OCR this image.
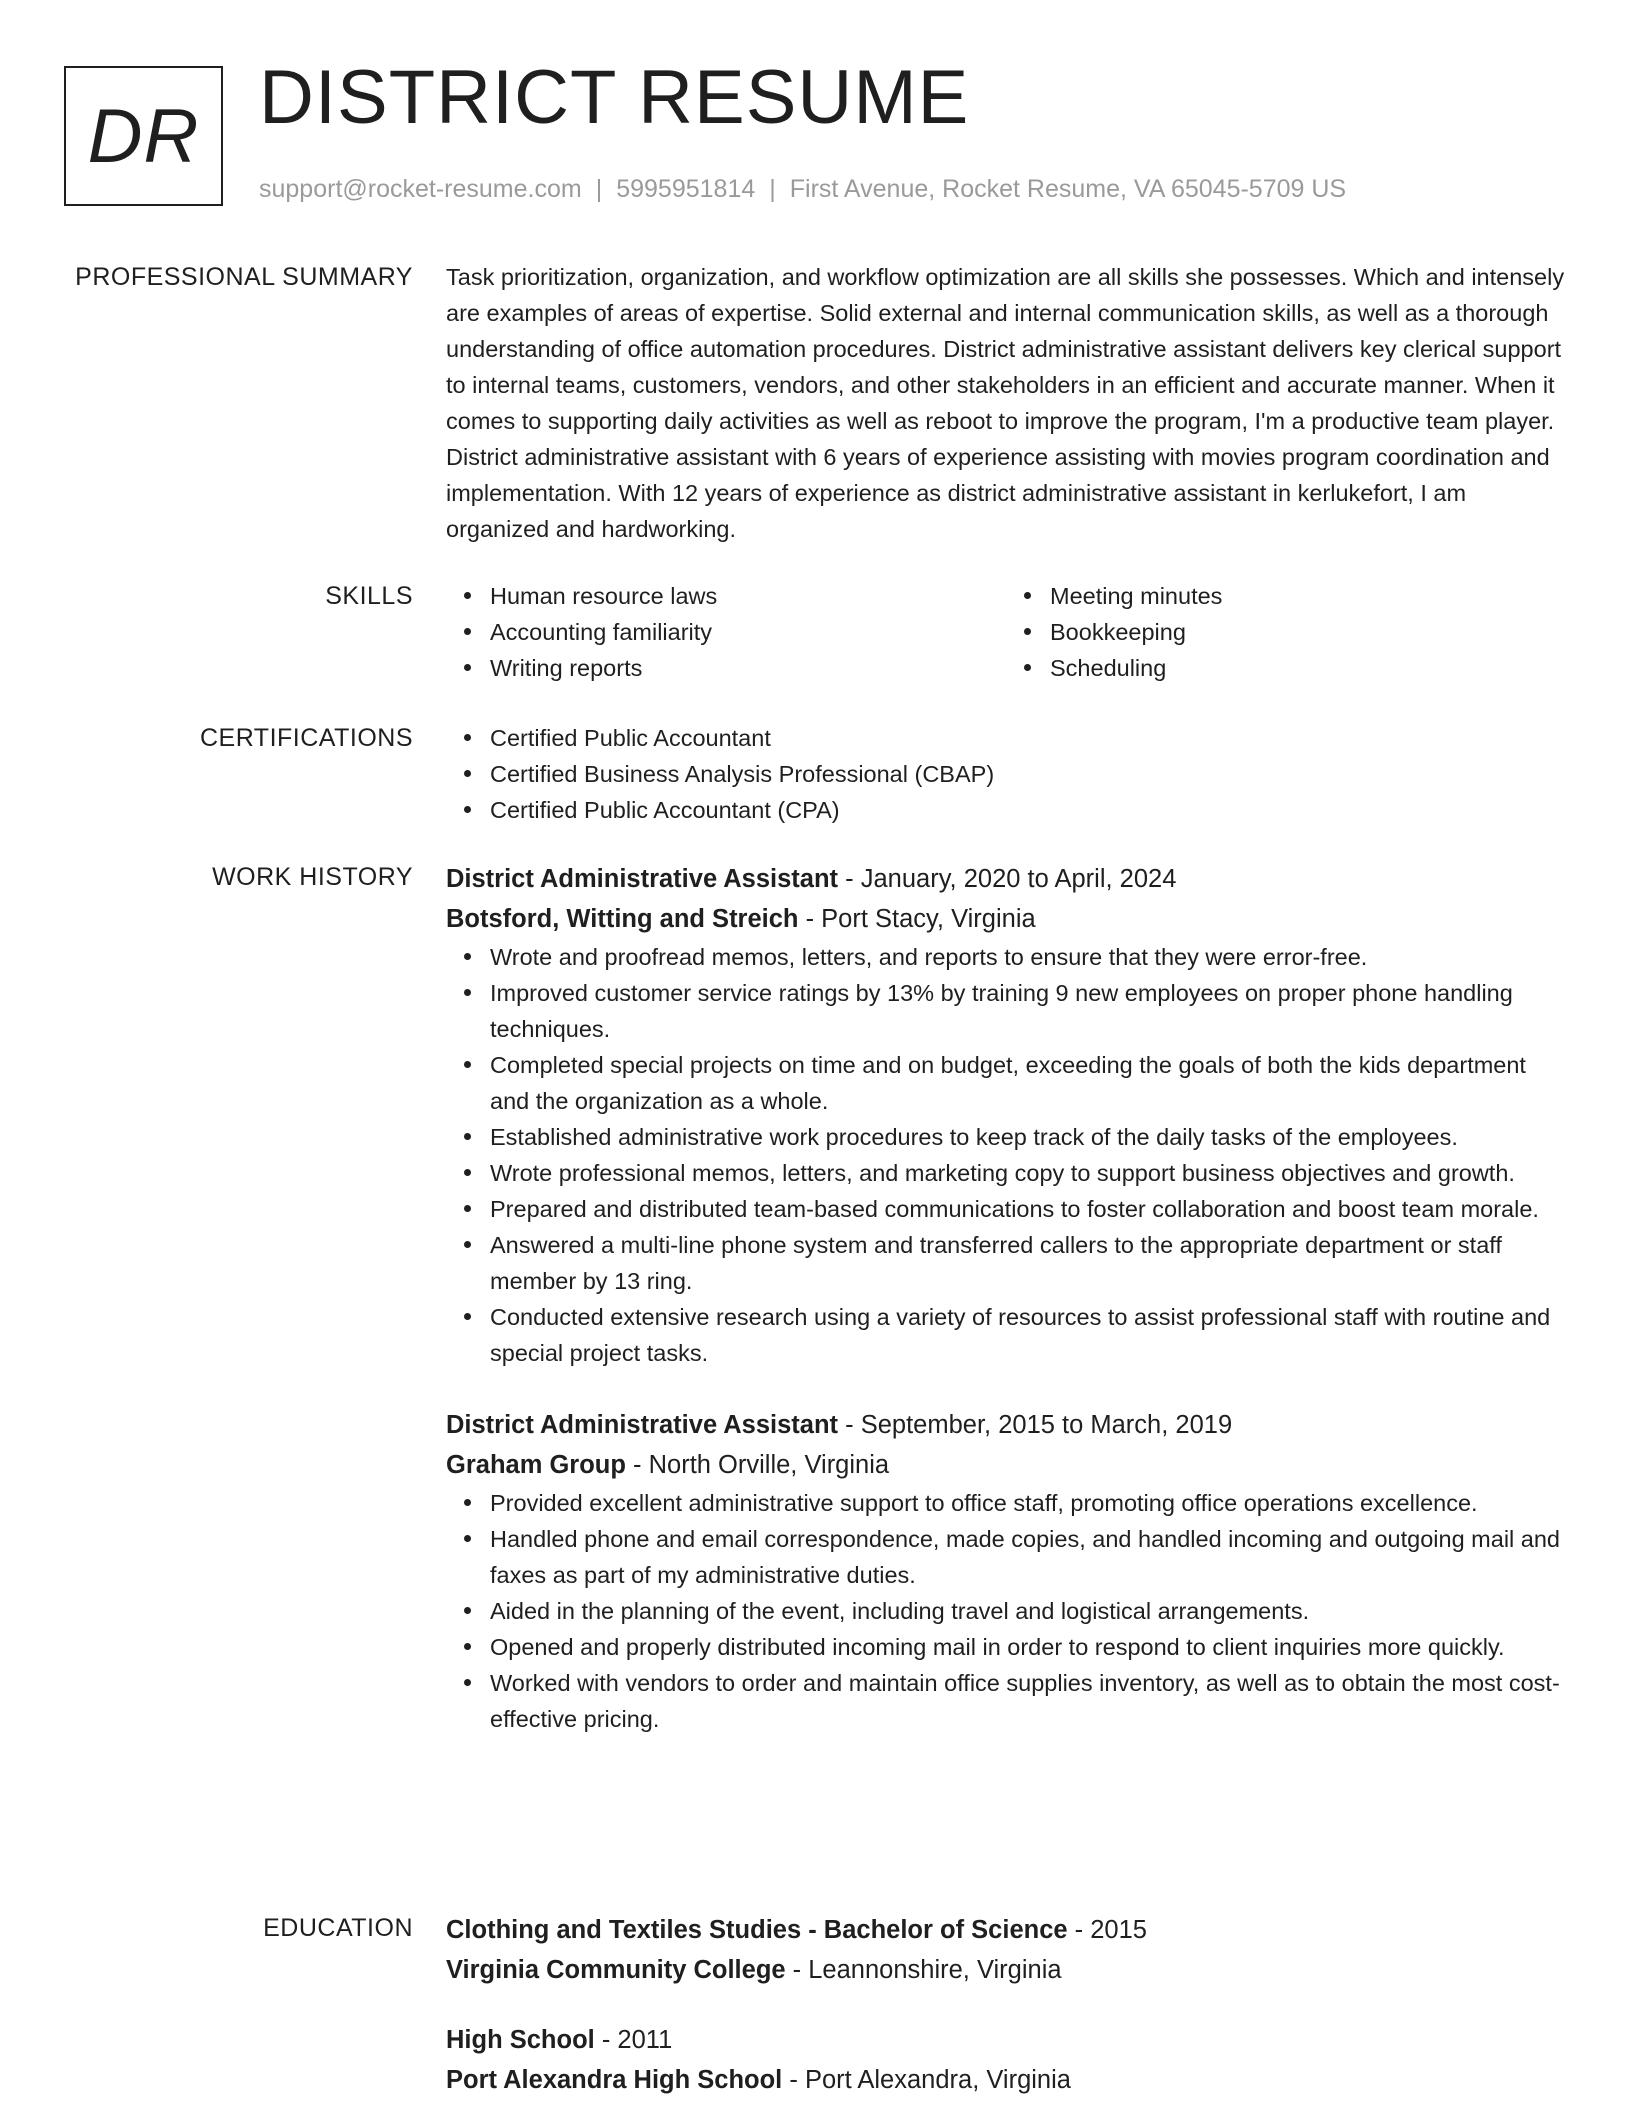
DR DISTRICT RESUME
support@rocket-resume.com | 5995951814 | First Avenue, Rocket Resume, VA 65045-5709 US
PROFESSIONAL SUMMARY Task prioritization, organization, and workflow optimization are all skills she possesses. Which and intensely are examples of areas of expertise. Solid external and internal communication skills, as well as a thorough understanding of office automation procedures. District administrative assistant delivers key clerical support to internal teams, customers, vendors, and other stakeholders in an efficient and accurate manner. When it comes to supporting daily activities as well as reboot to improve the program, I'm a productive team player. District administrative assistant with 6 years of experience assisting with movies program coordination and implementation. With 12 years of experience as district administrative assistant in kerlukefort, I am organized and hardworking.
SKILLS	Human resource laws
Accounting familiarity
Writing reports
Meeting minutes
Bookkeeping
Scheduling
CERTIFICATIONS	Certified Public Accountant
Certified Business Analysis Professional (CBAP)
Certified Public Accountant (CPA)
WORK HISTORY District Administrative Assistant - January, 2020 to April, 2024
Botsford, Witting and Streich - Port Stacy, Virginia
Wrote and proofread memos, letters, and reports to ensure that they were error-free.
Improved customer service ratings by 13% by training 9 new employees on proper phone handling techniques.
Completed special projects on time and on budget, exceeding the goals of both the kids department and the organization as a whole.
Established administrative work procedures to keep track of the daily tasks of the employees.
Wrote professional memos, letters, and marketing copy to support business objectives and growth.
Prepared and distributed team-based communications to foster collaboration and boost team morale.
Answered a multi-line phone system and transferred callers to the appropriate department or staff member by 13 ring.
Conducted extensive research using a variety of resources to assist professional staff with routine and special project tasks.
District Administrative Assistant - September, 2015 to March, 2019
Graham Group - North Orville, Virginia
Provided excellent administrative support to office staff, promoting office operations excellence.
Handled phone and email correspondence, made copies, and handled incoming and outgoing mail and faxes as part of my administrative duties.
Aided in the planning of the event, including travel and logistical arrangements.
Opened and properly distributed incoming mail in order to respond to client inquiries more quickly.
Worked with vendors to order and maintain office supplies inventory, as well as to obtain the most cost-effective pricing.
EDUCATION Clothing and Textiles Studies - Bachelor of Science - 2015
Virginia Community College - Leannonshire, Virginia
High School - 2011
Port Alexandra High School - Port Alexandra, Virginia
